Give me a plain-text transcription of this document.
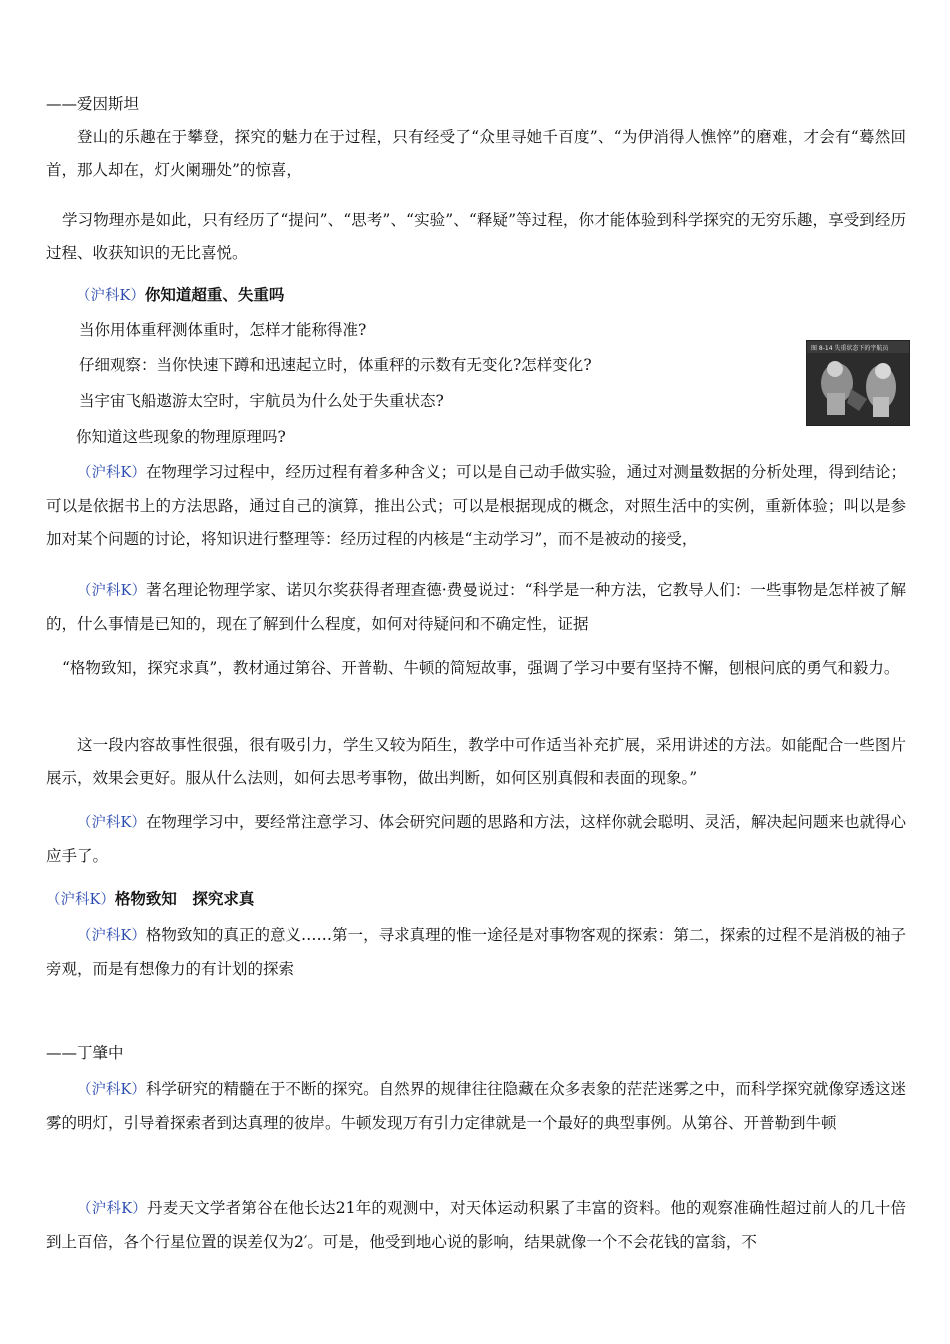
——爱因斯坦
登山的乐趣在于攀登，探究的魅力在于过程，只有经受了“众里寻她千百度”、“为伊消得人憔悴”的磨难，才会有“蓦然回首，那人却在，灯火阑珊处”的惊喜，
学习物理亦是如此，只有经历了“提问”、“思考”、“实验”、“释疑”等过程，你才能体验到科学探究的无穷乐趣，享受到经历过程、收获知识的无比喜悦。
（沪科K）你知道超重、失重吗
当你用体重秤测体重时，怎样才能称得准?
仔细观察：当你快速下蹲和迅速起立时，体重秤的示数有无变化?怎样变化?
当宇宙飞船遨游太空时，宇航员为什么处于失重状态?
你知道这些现象的物理原理吗?
图 8-14 失重状态下的宇航员
（沪科K）在物理学习过程中，经历过程有着多种含义；可以是自己动手做实验，通过对测量数据的分析处理，得到结论；可以是依据书上的方法思路，通过自己的演算，推出公式；可以是根据现成的概念，对照生活中的实例，重新体验；叫以是参加对某个问题的讨论，将知识进行整理等：经历过程的内核是“主动学习”，而不是被动的接受，
（沪科K）著名理论物理学家、诺贝尔奖获得者理查德·费曼说过：“科学是一种方法，它教导人们：一些事物是怎样被了解的，什么事情是已知的，现在了解到什么程度，如何对待疑问和不确定性，证据
“格物致知，探究求真”，教材通过第谷、开普勒、牛顿的简短故事，强调了学习中要有坚持不懈，刨根问底的勇气和毅力。
这一段内容故事性很强，很有吸引力，学生又较为陌生，教学中可作适当补充扩展，采用讲述的方法。如能配合一些图片展示，效果会更好。服从什么法则，如何去思考事物，做出判断，如何区别真假和表面的现象。”
（沪科K）在物理学习中，要经常注意学习、体会研究问题的思路和方法，这样你就会聪明、灵活，解决起问题来也就得心应手了。
（沪科K）格物致知　探究求真
（沪科K）格物致知的真正的意义……第一，寻求真理的惟一途径是对事物客观的探索：第二，探索的过程不是消极的袖子旁观，而是有想像力的有计划的探索
——丁肇中
（沪科K）科学研究的精髓在于不断的探究。自然界的规律往往隐藏在众多表象的茫茫迷雾之中，而科学探究就像穿透这迷雾的明灯，引导着探索者到达真理的彼岸。牛顿发现万有引力定律就是一个最好的典型事例。从第谷、开普勒到牛顿
（沪科K）丹麦天文学者第谷在他长达21年的观测中，对天体运动积累了丰富的资料。他的观察准确性超过前人的几十倍到上百倍，各个行星位置的误差仅为2′。可是，他受到地心说的影响，结果就像一个不会花钱的富翁，不
